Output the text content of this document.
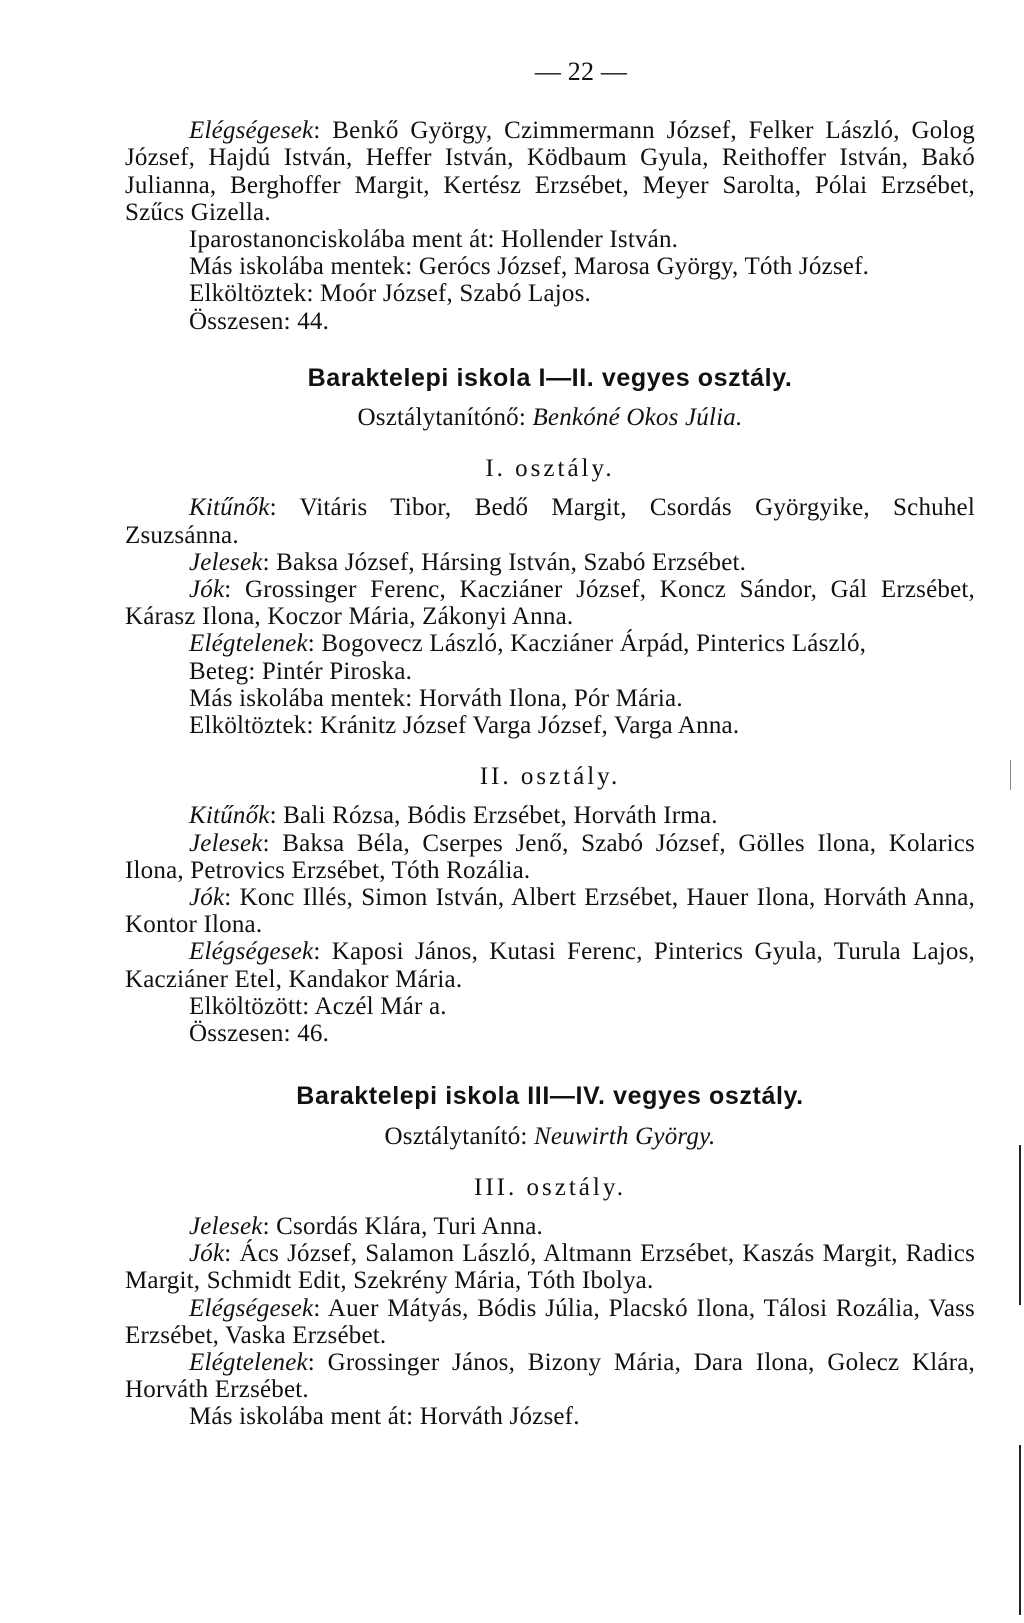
— 22 —
Elégségesek: Benkő György, Czimmermann József, Felker László, Golog József, Hajdú István, Heffer István, Ködbaum Gyula, Reithoffer István, Bakó Julianna, Berghoffer Margit, Kertész Erzsébet, Meyer Sarolta, Pólai Erzsébet, Szűcs Gizella.
Iparostanonciskolába ment át: Hollender István.
Más iskolába mentek: Gerócs József, Marosa György, Tóth József.
Elköltöztek: Moór József, Szabó Lajos.
Összesen: 44.
Baraktelepi iskola I—II. vegyes osztály.
Osztálytanítónő: Benkóné Okos Júlia.
I. osztály.
Kitűnők: Vitáris Tibor, Bedő Margit, Csordás Györgyike, Schuhel Zsuzsánna.
Jelesek: Baksa József, Hársing István, Szabó Erzsébet.
Jók: Grossinger Ferenc, Kacziáner József, Koncz Sándor, Gál Erzsébet, Kárasz Ilona, Koczor Mária, Zákonyi Anna.
Elégtelenek: Bogovecz László, Kacziáner Árpád, Pinterics László,
Beteg: Pintér Piroska.
Más iskolába mentek: Horváth Ilona, Pór Mária.
Elköltöztek: Kránitz József Varga József, Varga Anna.
II. osztály.
Kitűnők: Bali Rózsa, Bódis Erzsébet, Horváth Irma.
Jelesek: Baksa Béla, Cserpes Jenő, Szabó József, Gölles Ilona, Kolarics Ilona, Petrovics Erzsébet, Tóth Rozália.
Jók: Konc Illés, Simon István, Albert Erzsébet, Hauer Ilona, Horváth Anna, Kontor Ilona.
Elégségesek: Kaposi János, Kutasi Ferenc, Pinterics Gyula, Turula Lajos, Kacziáner Etel, Kandakor Mária.
Elköltözött: Aczél Már a.
Összesen: 46.
Baraktelepi iskola III—IV. vegyes osztály.
Osztálytanító: Neuwirth György.
III. osztály.
Jelesek: Csordás Klára, Turi Anna.
Jók: Ács József, Salamon László, Altmann Erzsébet, Kaszás Margit, Radics Margit, Schmidt Edit, Szekrény Mária, Tóth Ibolya.
Elégségesek: Auer Mátyás, Bódis Júlia, Placskó Ilona, Tálosi Rozália, Vass Erzsébet, Vaska Erzsébet.
Elégtelenek: Grossinger János, Bizony Mária, Dara Ilona, Golecz Klára, Horváth Erzsébet.
Más iskolába ment át: Horváth József.
